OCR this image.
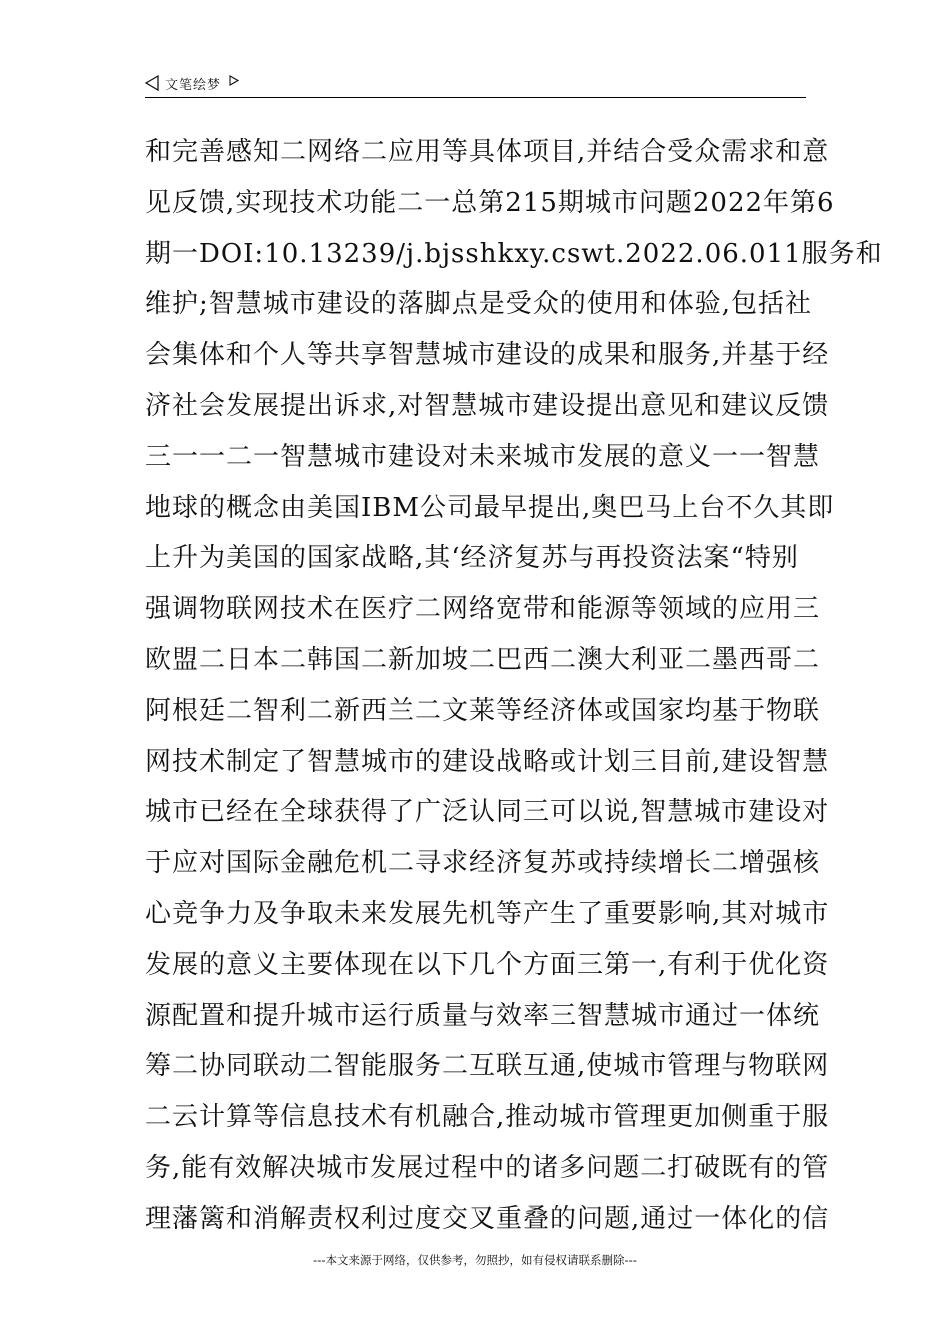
文笔绘梦
和完善感知二网络二应用等具体项目,并结合受众需求和意
见反馈,实现技术功能二一总第215期城市问题2022年第6
期一DOI:10.13239/j.bjsshkxy.cswt.2022.06.011服务和
维护;智慧城市建设的落脚点是受众的使用和体验,包括社
会集体和个人等共享智慧城市建设的成果和服务,并基于经
济社会发展提出诉求,对智慧城市建设提出意见和建议反馈
三一一二一智慧城市建设对未来城市发展的意义一一智慧
地球的概念由美国IBM公司最早提出,奥巴马上台不久其即
上升为美国的国家战略,其‘经济复苏与再投资法案“特别
强调物联网技术在医疗二网络宽带和能源等领域的应用三
欧盟二日本二韩国二新加坡二巴西二澳大利亚二墨西哥二
阿根廷二智利二新西兰二文莱等经济体或国家均基于物联
网技术制定了智慧城市的建设战略或计划三目前,建设智慧
城市已经在全球获得了广泛认同三可以说,智慧城市建设对
于应对国际金融危机二寻求经济复苏或持续增长二增强核
心竞争力及争取未来发展先机等产生了重要影响,其对城市
发展的意义主要体现在以下几个方面三第一,有利于优化资
源配置和提升城市运行质量与效率三智慧城市通过一体统
筹二协同联动二智能服务二互联互通,使城市管理与物联网
二云计算等信息技术有机融合,推动城市管理更加侧重于服
务,能有效解决城市发展过程中的诸多问题二打破既有的管
理藩篱和消解责权利过度交叉重叠的问题,通过一体化的信
---本文来源于网络，仅供参考，勿照抄，如有侵权请联系删除---
